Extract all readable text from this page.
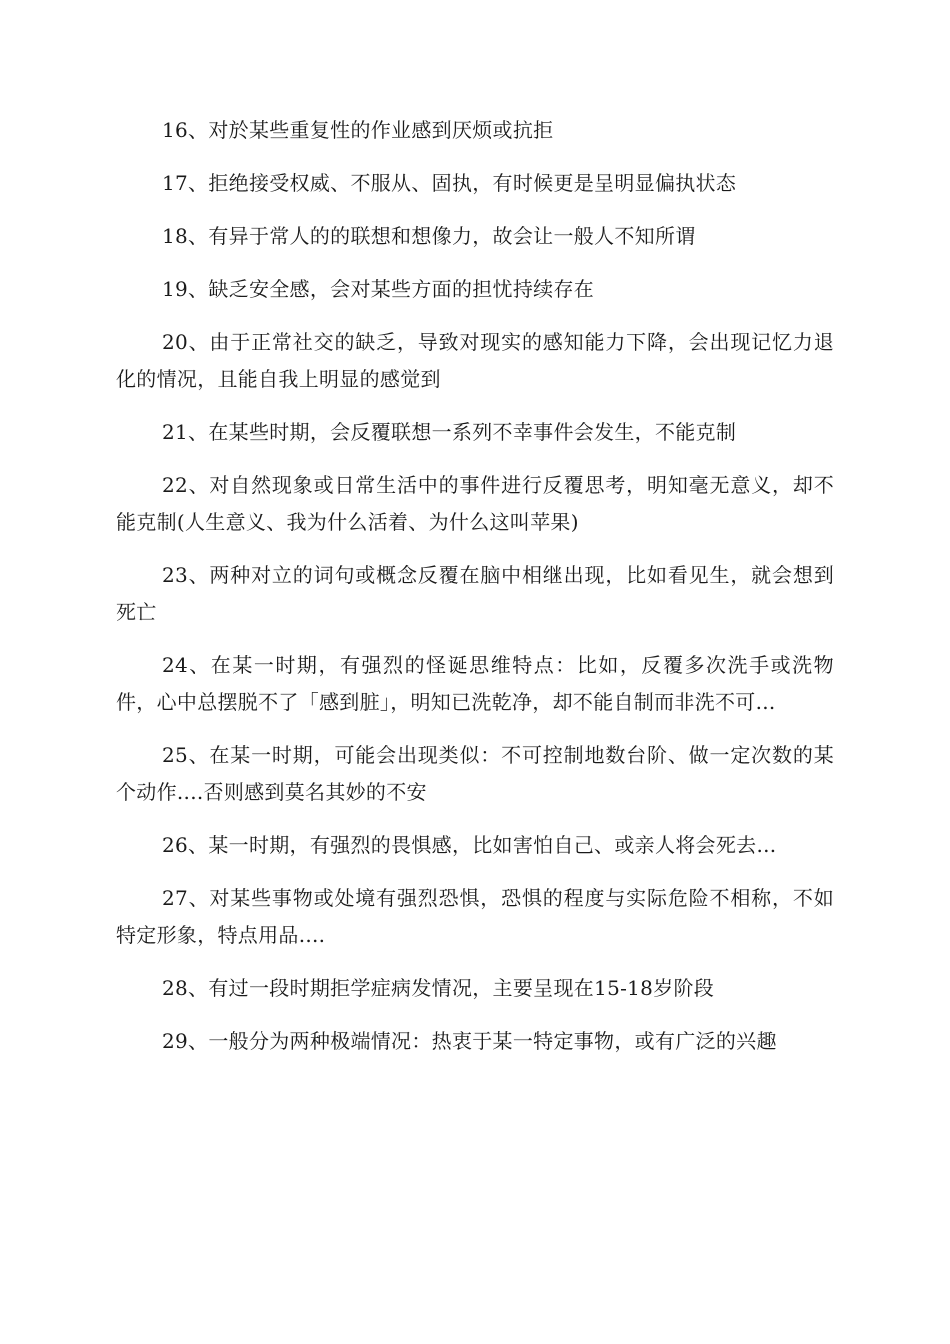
16、对於某些重复性的作业感到厌烦或抗拒

17、拒绝接受权威、不服从、固执，有时候更是呈明显偏执状态

18、有异于常人的的联想和想像力，故会让一般人不知所谓

19、缺乏安全感，会对某些方面的担忧持续存在

20、由于正常社交的缺乏，导致对现实的感知能力下降，会出现记忆力退化的情况，且能自我上明显的感觉到

21、在某些时期，会反覆联想一系列不幸事件会发生，不能克制

22、对自然现象或日常生活中的事件进行反覆思考，明知毫无意义，却不能克制(人生意义、我为什么活着、为什么这叫苹果)

23、两种对立的词句或概念反覆在脑中相继出现，比如看见生，就会想到死亡

24、在某一时期，有强烈的怪诞思维特点：比如，反覆多次洗手或洗物件，心中总摆脱不了「感到脏」，明知已洗乾净，却不能自制而非洗不可...

25、在某一时期，可能会出现类似：不可控制地数台阶、做一定次数的某个动作....否则感到莫名其妙的不安

26、某一时期，有强烈的畏惧感，比如害怕自己、或亲人将会死去...

27、对某些事物或处境有强烈恐惧，恐惧的程度与实际危险不相称，不如特定形象，特点用品....

28、有过一段时期拒学症病发情况，主要呈现在15-18岁阶段

29、一般分为两种极端情况：热衷于某一特定事物，或有广泛的兴趣
